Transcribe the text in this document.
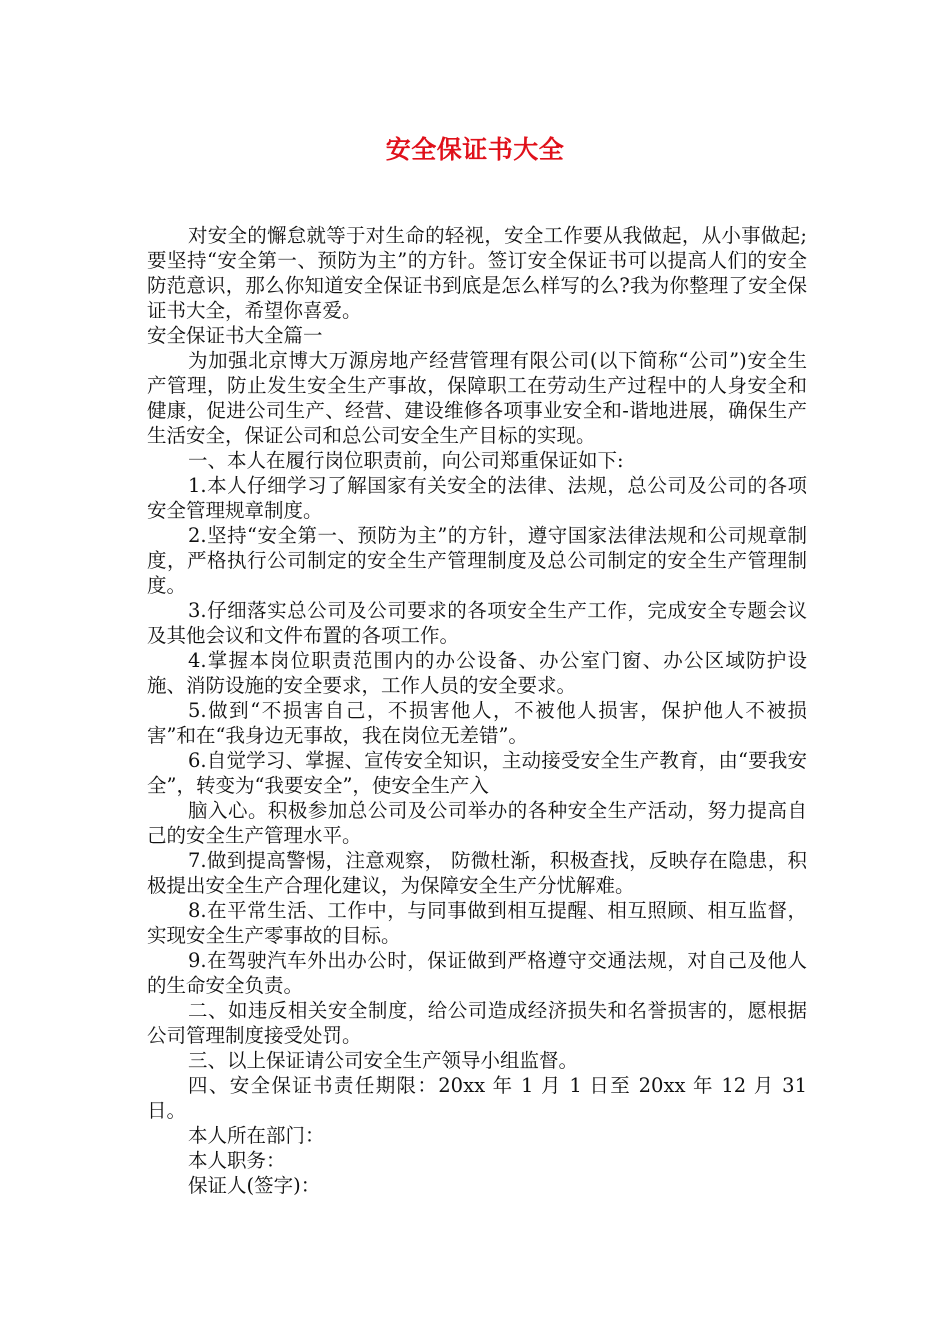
安全保证书大全

对安全的懈怠就等于对生命的轻视，安全工作要从我做起，从小事做起;要坚持“安全第一、预防为主”的方针。签订安全保证书可以提高人们的安全防范意识，那么你知道安全保证书到底是怎么样写的么?我为你整理了安全保证书大全，希望你喜爱。

安全保证书大全篇一

为加强北京博大万源房地产经营管理有限公司(以下简称“公司”)安全生产管理，防止发生安全生产事故，保障职工在劳动生产过程中的人身安全和健康，促进公司生产、经营、建设维修各项事业安全和-谐地进展，确保生产生活安全，保证公司和总公司安全生产目标的实现。

一、本人在履行岗位职责前，向公司郑重保证如下:

1.本人仔细学习了解国家有关安全的法律、法规，总公司及公司的各项安全管理规章制度。

2.坚持“安全第一、预防为主”的方针，遵守国家法律法规和公司规章制度，严格执行公司制定的安全生产管理制度及总公司制定的安全生产管理制度。

3.仔细落实总公司及公司要求的各项安全生产工作，完成安全专题会议及其他会议和文件布置的各项工作。

4.掌握本岗位职责范围内的办公设备、办公室门窗、办公区域防护设施、消防设施的安全要求，工作人员的安全要求。

5.做到“不损害自己，不损害他人，不被他人损害，保护他人不被损害”和在“我身边无事故，我在岗位无差错”。

6.自觉学习、掌握、宣传安全知识，主动接受安全生产教育，由“要我安全”，转变为“我要安全”，使安全生产入

脑入心。积极参加总公司及公司举办的各种安全生产活动，努力提高自己的安全生产管理水平。

7.做到提高警惕，注意观察， 防微杜渐，积极查找，反映存在隐患，积极提出安全生产合理化建议，为保障安全生产分忧解难。

8.在平常生活、工作中，与同事做到相互提醒、相互照顾、相互监督，实现安全生产零事故的目标。

9.在驾驶汽车外出办公时，保证做到严格遵守交通法规，对自己及他人的生命安全负责。

二、如违反相关安全制度，给公司造成经济损失和名誉损害的，愿根据公司管理制度接受处罚。

三、以上保证请公司安全生产领导小组监督。

四、安全保证书责任期限：20xx 年 1 月 1 日至 20xx 年 12 月 31 日。

本人所在部门：

本人职务：

保证人(签字)：
